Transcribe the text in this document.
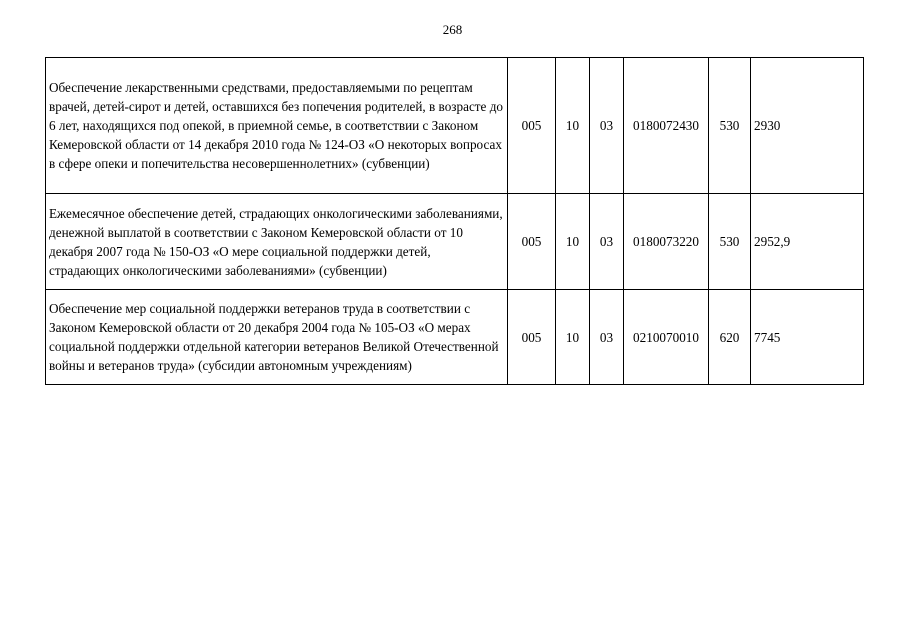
268
Обеспечение лекарственными средствами, предоставляемыми по рецептам врачей, детей-сирот и детей, оставшихся без попечения родителей, в возрасте до 6 лет, находящихся под опекой, в приемной семье, в соответствии с Законом Кемеровской области от 14 декабря 2010 года № 124-ОЗ «О некоторых вопросах в сфере опеки и попечительства несовершеннолетних» (субвенции)	005	10	03	0180072430	530	2930
Ежемесячное обеспечение детей, страдающих онкологическими заболеваниями, денежной выплатой в соответствии с Законом Кемеровской области от 10 декабря 2007 года № 150-ОЗ «О мере социальной поддержки детей, страдающих онкологическими заболеваниями» (субвенции)	005	10	03	0180073220	530	2952,9
Обеспечение мер социальной поддержки ветеранов труда в соответствии с Законом Кемеровской области от 20 декабря 2004 года № 105-ОЗ «О мерах социальной поддержки отдельной категории ветеранов Великой Отечественной войны и ветеранов труда» (субсидии автономным учреждениям)	005	10	03	0210070010	620	7745
